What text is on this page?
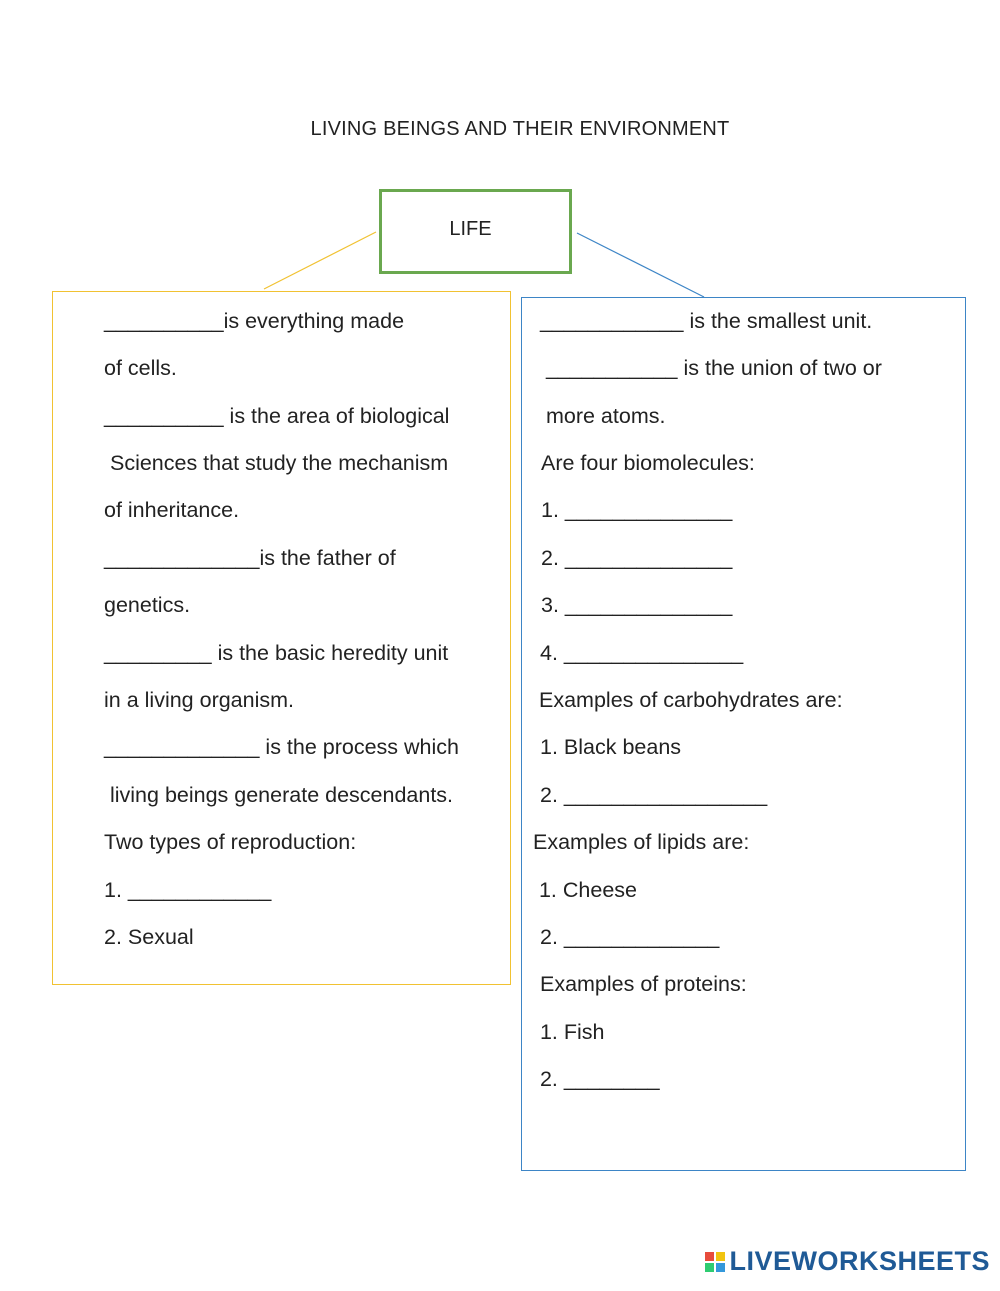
LIVING BEINGS AND THEIR ENVIRONMENT
LIFE
__________is everything made
of cells.
__________ is the area of biological
Sciences that study the mechanism
of inheritance.
_____________is the father of
genetics.
_________ is the basic heredity unit
in a living organism.
_____________ is the process which
living beings generate descendants.
Two types of reproduction:
1. ____________
2. Sexual
____________ is the smallest unit.
___________ is the union of two or
more atoms.
Are four biomolecules:
1. ______________
2. ______________
3. ______________
4. _______________
Examples of carbohydrates are:
1. Black beans
2. _________________
Examples of lipids are:
1. Cheese
2. _____________
Examples of proteins:
1. Fish
2. ________
LIVEWORKSHEETS
